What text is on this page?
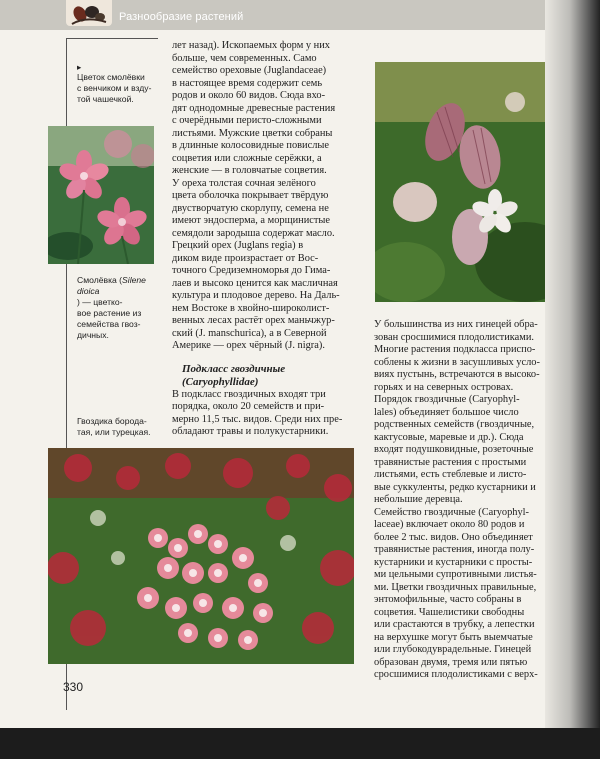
Разнообразие растений
▸
Цветок смолёвки
с венчиком и взду-
той чашечкой.
Смолёвка (Silene dioica
) — цветко-
вое растение из
семейства гвоз-
дичных.
Гвоздика борода-
тая, или турецкая.
лет назад). Ископаемых форм у них
больше, чем современных. Само
семейство ореховые (Juglandaceae)
в настоящее время содержит семь
родов и около 60 видов. Сюда вхо-
дят однодомные древесные растения
с очерёдными перисто-сложными
листьями. Мужские цветки собраны
в длинные колосовидные повислые
соцветия или сложные серёжки, а
женские — в головчатые соцветия.
У ореха толстая сочная зелёного
цвета оболочка покрывает твёрдую
двустворчатую скорлупу, семена не
имеют эндосперма, а морщинистые
семядоли зародыша содержат масло.
Грецкий орех (Juglans regia) в
диком виде произрастает от Вос-
точного Средиземноморья до Гима-
лаев и высоко ценится как масличная
культура и плодовое дерево. На Даль-
нем Востоке в хвойно-широколист-
венных лесах растёт орех маньчжур-
ский (J. manschurica), а в Северной
Америке — орех чёрный (J. nigra).
Подкласс гвоздичные
(Caryophyllidae)
В подкласс гвоздичных входят три
порядка, около 20 семейств и при-
мерно 11,5 тыс. видов. Среди них пре-
обладают травы и полукустарники.
У большинства из них гинецей обра-
зован сросшимися плодолистиками.
Многие растения подкласса приспо-
соблены к жизни в засушливых усло-
виях пустынь, встречаются в высоко-
горьях и на северных островах.
Порядок гвоздичные (Caryophyl-
lales) объединяет большое число
родственных семейств (гвоздичные,
кактусовые, маревые и др.). Сюда
входят подушковидные, розеточные
травянистые растения с простыми
листьями, есть стеблевые и листо-
вые суккуленты, редко кустарники и
небольшие деревца.
Семейство гвоздичные (Caryophyl-
laceae) включает около 80 родов и
более 2 тыс. видов. Оно объединяет
травянистые растения, иногда полу-
кустарники и кустарники с просты-
ми цельными супротивными листья-
ми. Цветки гвоздичных правильные,
энтомофильные, часто собраны в
соцветия. Чашелистики свободны
или срастаются в трубку, а лепестки
на верхушке могут быть выемчатые
или глубокодуврадельные. Гинецей
образован двумя, тремя или пятью
сросшимися плодолистиками с верх-
330
